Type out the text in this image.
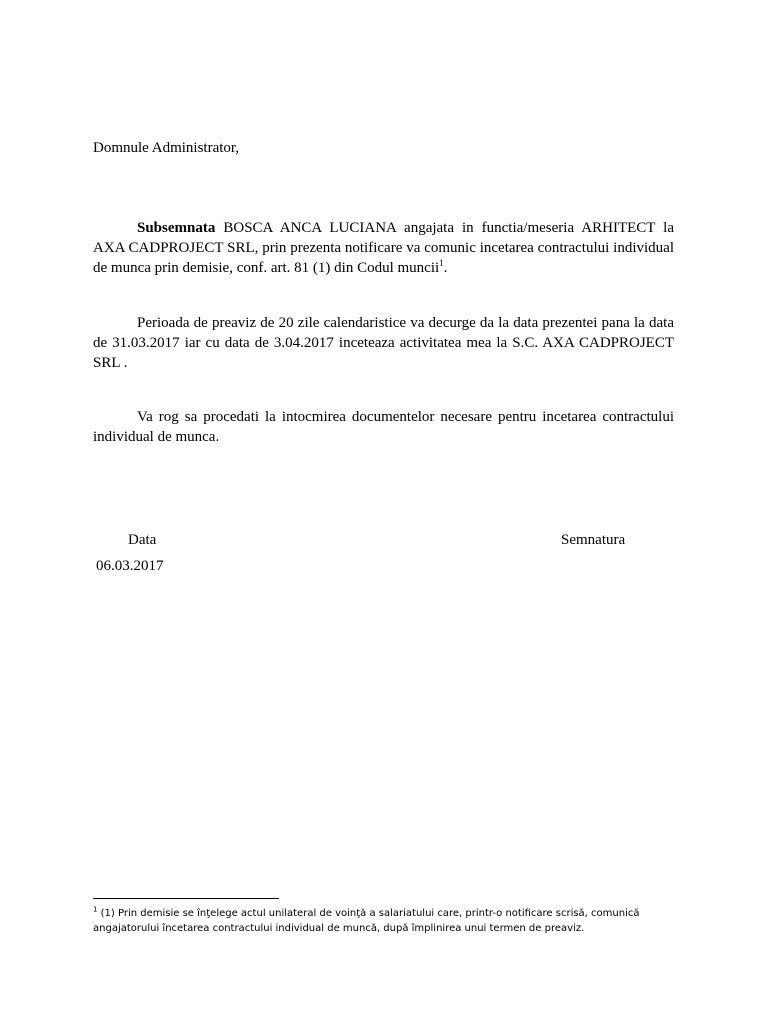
Domnule Administrator,

Subsemnata BOSCA ANCA LUCIANA angajata in functia/meseria ARHITECT la AXA CADPROJECT SRL, prin prezenta notificare va comunic incetarea contractului individual de munca prin demisie, conf. art. 81 (1) din Codul muncii$^1$.

Perioada de preaviz de 20 zile calendaristice va decurge da la data prezentei pana la data de 31.03.2017 iar cu data de 3.04.2017 inceteaza activitatea mea la S.C. AXA CADPROJECT SRL .

Va rog sa procedati la intocmirea documentelor necesare pentru incetarea contractului individual de munca.

Data	Semnatura
06.03.2017

$^1$ (1) Prin demisie se înţelege actul unilateral de voinţă a salariatului care, printr-o notificare scrisă, comunică angajatorului încetarea contractului individual de muncă, după împlinirea unui termen de preaviz.
